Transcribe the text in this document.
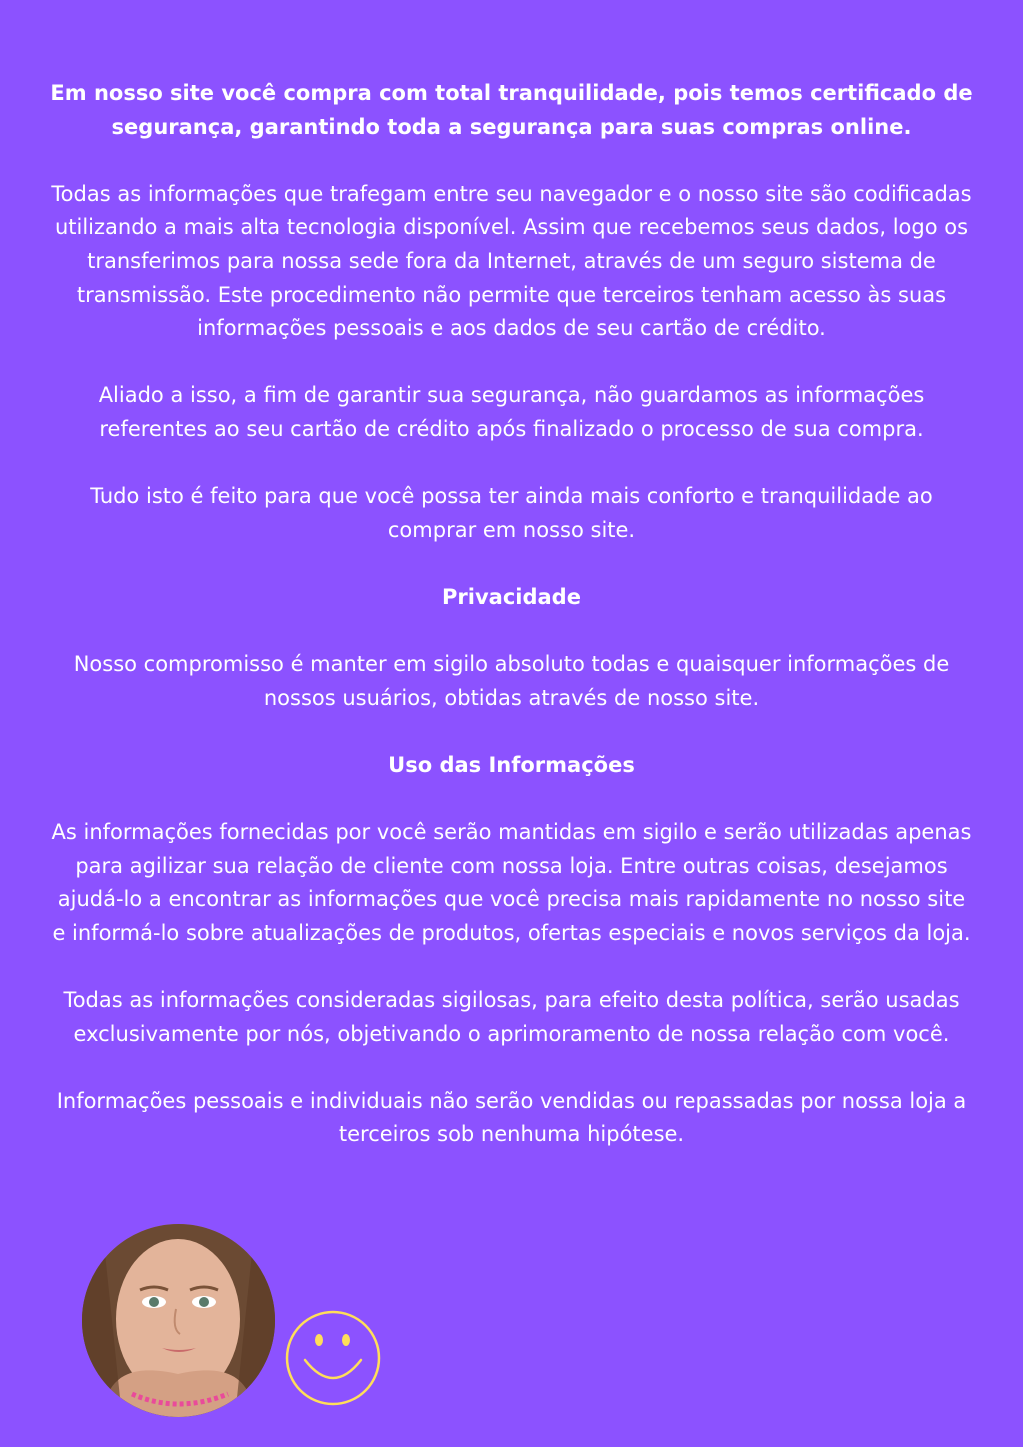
Em nosso site você compra com total tranquilidade, pois temos certificado de segurança, garantindo toda a segurança para suas compras online.

Todas as informações que trafegam entre seu navegador e o nosso site são codificadas utilizando a mais alta tecnologia disponível. Assim que recebemos seus dados, logo os transferimos para nossa sede fora da Internet, através de um seguro sistema de transmissão. Este procedimento não permite que terceiros tenham acesso às suas informações pessoais e aos dados de seu cartão de crédito.

Aliado a isso, a fim de garantir sua segurança, não guardamos as informações referentes ao seu cartão de crédito após finalizado o processo de sua compra.

Tudo isto é feito para que você possa ter ainda mais conforto e tranquilidade ao comprar em nosso site.

Privacidade

Nosso compromisso é manter em sigilo absoluto todas e quaisquer informações de nossos usuários, obtidas através de nosso site.

Uso das Informações

As informações fornecidas por você serão mantidas em sigilo e serão utilizadas apenas para agilizar sua relação de cliente com nossa loja. Entre outras coisas, desejamos ajudá-lo a encontrar as informações que você precisa mais rapidamente no nosso site e informá-lo sobre atualizações de produtos, ofertas especiais e novos serviços da loja.

Todas as informações consideradas sigilosas, para efeito desta política, serão usadas exclusivamente por nós, objetivando o aprimoramento de nossa relação com você.

Informações pessoais e individuais não serão vendidas ou repassadas por nossa loja a terceiros sob nenhuma hipótese.
